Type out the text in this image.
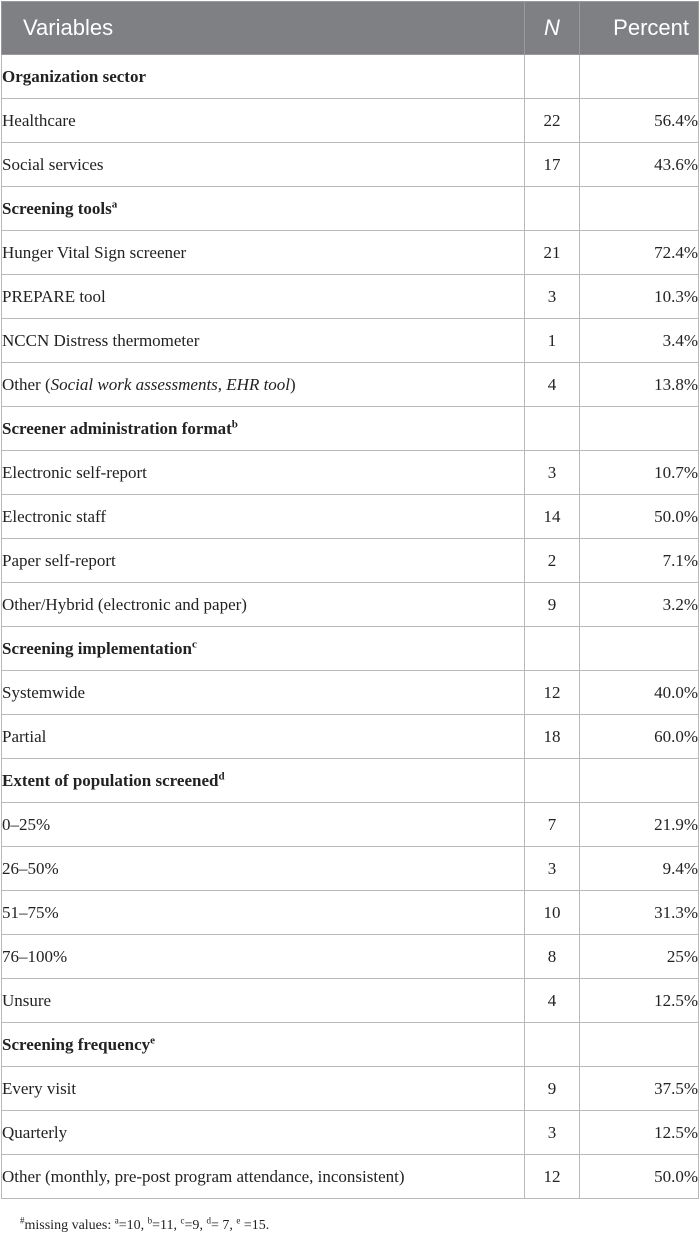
Variables	N	Percent
Organization sector		
Healthcare	22	56.4%
Social services	17	43.6%
Screening tools$^a$		
Hunger Vital Sign screener	21	72.4%
PREPARE tool	3	10.3%
NCCN Distress thermometer	1	3.4%
Other (Social work assessments, EHR tool)	4	13.8%
Screener administration format$^b$		
Electronic self-report	3	10.7%
Electronic staff	14	50.0%
Paper self-report	2	7.1%
Other/Hybrid (electronic and paper)	9	3.2%
Screening implementation$^c$		
Systemwide	12	40.0%
Partial	18	60.0%
Extent of population screened$^d$		
0–25%	7	21.9%
26–50%	3	9.4%
51–75%	10	31.3%
76–100%	8	25%
Unsure	4	12.5%
Screening frequency$^e$		
Every visit	9	37.5%
Quarterly	3	12.5%
Other (monthly, pre-post program attendance, inconsistent)	12	50.0%
#missing values: $^a$=10, $^b$=11, $^c$=9, $^d$= 7, $^e$ =15.
